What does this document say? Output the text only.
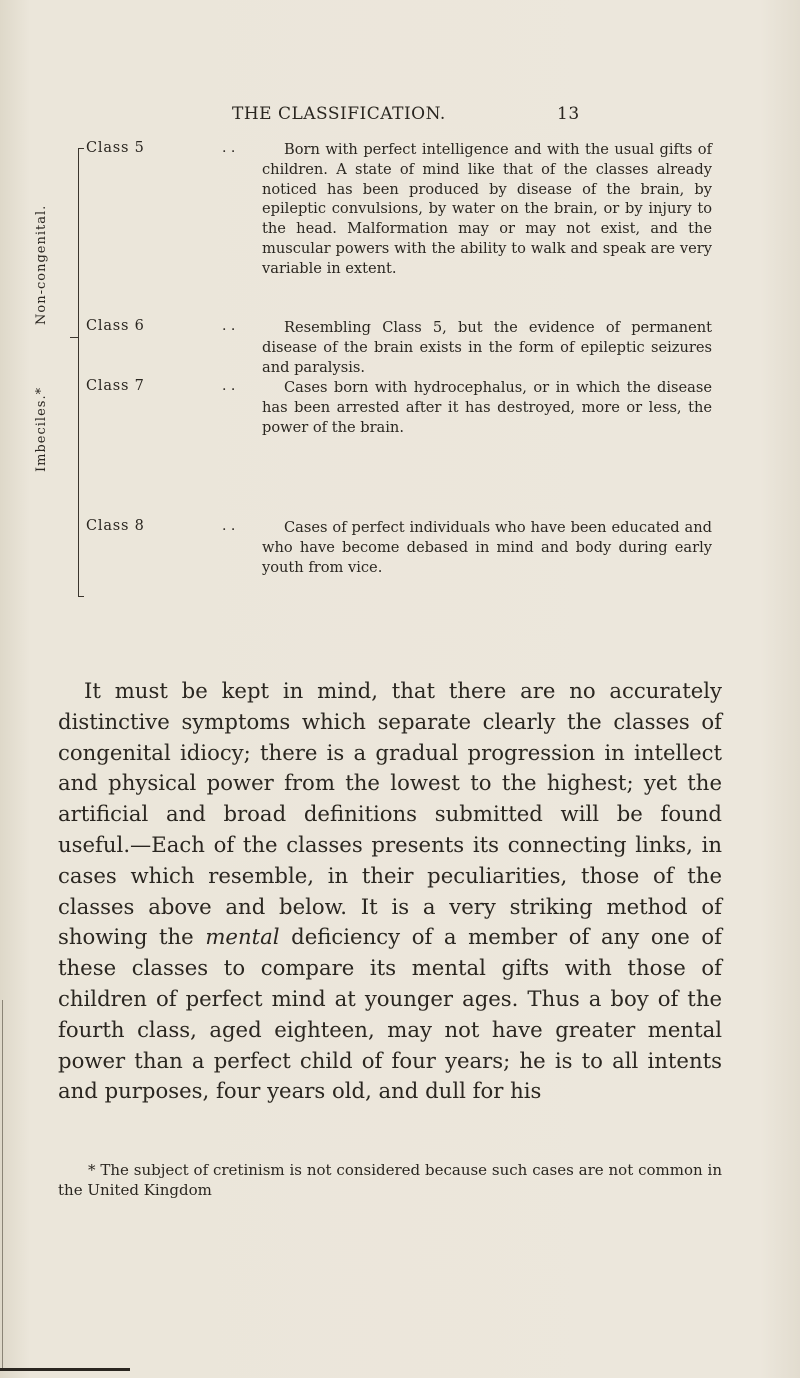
THE CLASSIFICATION.	13
Non-congenital.
Imbeciles.*
Class 5	. .	Born with perfect intelligence and with the usual gifts of children. A state of mind like that of the classes already noticed has been produced by disease of the brain, by epileptic convulsions, by water on the brain, or by injury to the head. Malformation may or may not exist, and the muscular powers with the ability to walk and speak are very variable in extent.
Class 6	. .	Resembling Class 5, but the evidence of permanent disease of the brain exists in the form of epileptic seizures and paralysis.
Class 7	. .	Cases born with hydrocephalus, or in which the disease has been arrested after it has destroyed, more or less, the power of the brain.
Class 8	. .	Cases of perfect individuals who have been educated and who have become debased in mind and body during early youth from vice.
It must be kept in mind, that there are no accurately distinctive symptoms which separate clearly the classes of congenital idiocy; there is a gradual progression in intellect and physical power from the lowest to the highest; yet the artificial and broad definitions submitted will be found useful.—Each of the classes presents its connecting links, in cases which resemble, in their peculiarities, those of the classes above and below. It is a very striking method of showing the mental deficiency of a member of any one of these classes to compare its mental gifts with those of children of perfect mind at younger ages. Thus a boy of the fourth class, aged eighteen, may not have greater mental power than a perfect child of four years; he is to all intents and purposes, four years old, and dull for his
* The subject of cretinism is not considered because such cases are not common in the United Kingdom
